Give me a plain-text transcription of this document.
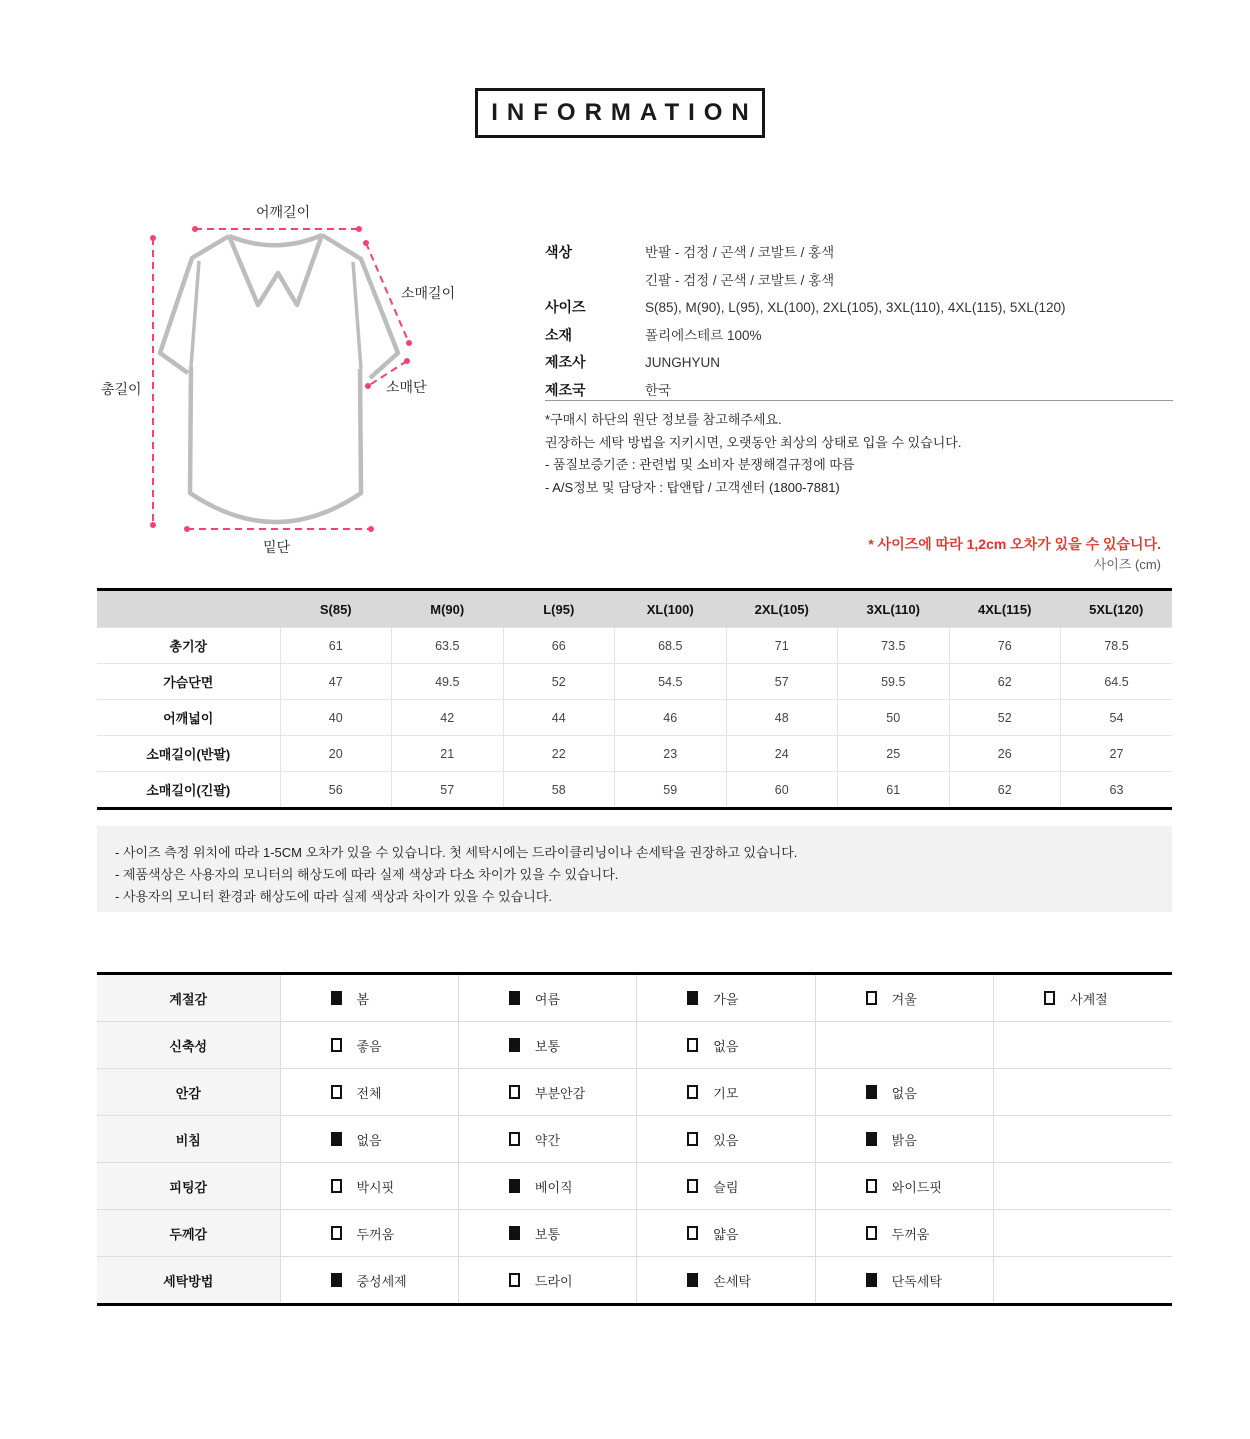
INFORMATION
어깨길이
소매길이
총길이	소매단
밑단
색상	반팔 - 검정 / 곤색 / 코발트 / 홍색
긴팔 - 검정 / 곤색 / 코발트 / 홍색
사이즈	S(85), M(90), L(95), XL(100), 2XL(105), 3XL(110), 4XL(115), 5XL(120)
소재	폴리에스테르 100%
제조사	JUNGHYUN
제조국	한국
*구매시 하단의 원단 정보를 참고해주세요.
권장하는 세탁 방법을 지키시면, 오랫동안 최상의 상태로 입을 수 있습니다.
- 품질보증기준 : 관련법 및 소비자 분쟁해결규정에 따름
- A/S정보 및 담당자 : 탑앤탑 / 고객센터 (1800-7881)
* 사이즈에 따라 1,2cm 오차가 있을 수 있습니다.
사이즈 (cm)
	S(85)	M(90)	L(95)	XL(100)	2XL(105)	3XL(110)	4XL(115)	5XL(120)
총기장	61	63.5	66	68.5	71	73.5	76	78.5
가슴단면	47	49.5	52	54.5	57	59.5	62	64.5
어깨넓이	40	42	44	46	48	50	52	54
소매길이(반팔)	20	21	22	23	24	25	26	27
소매길이(긴팔)	56	57	58	59	60	61	62	63
- 사이즈 측정 위치에 따라 1-5CM 오차가 있을 수 있습니다. 첫 세탁시에는 드라이클리닝이나 손세탁을 권장하고 있습니다.
- 제품색상은 사용자의 모니터의 해상도에 따라 실제 색상과 다소 차이가 있을 수 있습니다.
- 사용자의 모니터 환경과 해상도에 따라 실제 색상과 차이가 있을 수 있습니다.
계절감	봄	여름	가을	겨울	사계절

신축성	좋음	보통	없음		

안감	전체	부분안감	기모	없음	

비침	없음	약간	있음	밝음	

피팅감	박시핏	베이직	슬림	와이드핏	

두께감	두꺼움	보통	얇음	두꺼움	

세탁방법	중성세제	드라이	손세탁	단독세탁	
